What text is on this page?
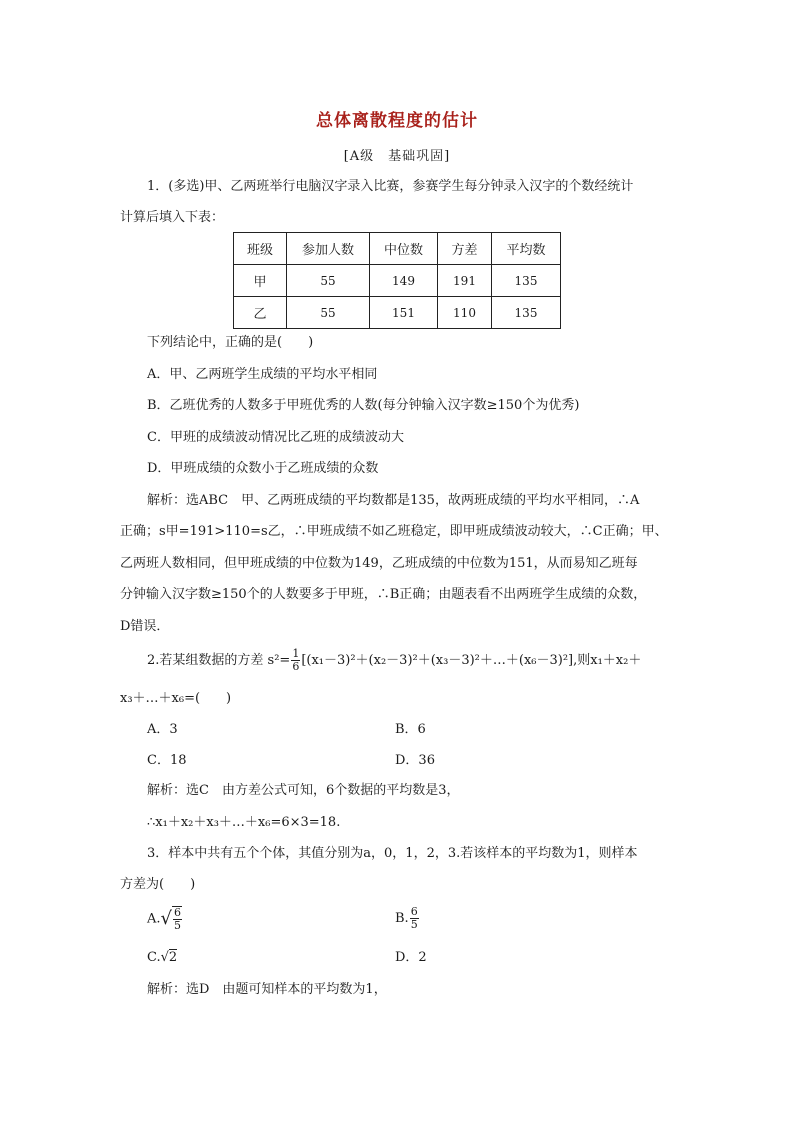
总体离散程度的估计
[A级　基础巩固]
1．(多选)甲、乙两班举行电脑汉字录入比赛，参赛学生每分钟录入汉字的个数经统计
计算后填入下表：
班级	参加人数	中位数	方差	平均数
甲	55	149	191	135
乙	55	151	110	135
下列结论中，正确的是(　　)
A．甲、乙两班学生成绩的平均水平相同
B．乙班优秀的人数多于甲班优秀的人数(每分钟输入汉字数≥150个为优秀)
C．甲班的成绩波动情况比乙班的成绩波动大
D．甲班成绩的众数小于乙班成绩的众数
解析：选ABC　甲、乙两班成绩的平均数都是135，故两班成绩的平均水平相同，∴A
正确；s甲=191>110=s乙，∴甲班成绩不如乙班稳定，即甲班成绩波动较大，∴C正确；甲、
乙两班人数相同，但甲班成绩的中位数为149，乙班成绩的中位数为151，从而易知乙班每
分钟输入汉字数≥150个的人数要多于甲班，∴B正确；由题表看不出两班学生成绩的众数，
D错误．
2.若某组数据的方差 $s^2= \frac{1}{6}$ [(x₁－3)²＋(x₂－3)²＋(x₃－3)²＋…＋(x₆－3)²],则x₁＋x₂＋
x₃＋…＋x₆=(　　)
A．3	B．6
C．18	D．36
解析：选C　由方差公式可知，6个数据的平均数是3，
∴x₁＋x₂＋x₃＋…＋x₆=6×3=18.
3．样本中共有五个个体，其值分别为a，0，1，2，3.若该样本的平均数为1，则样本
方差为(　　)
$A.√ \frac{6}{5}$	B. $\frac{6}{5}$
C.√2	D．2
解析：选D　由题可知样本的平均数为1，
